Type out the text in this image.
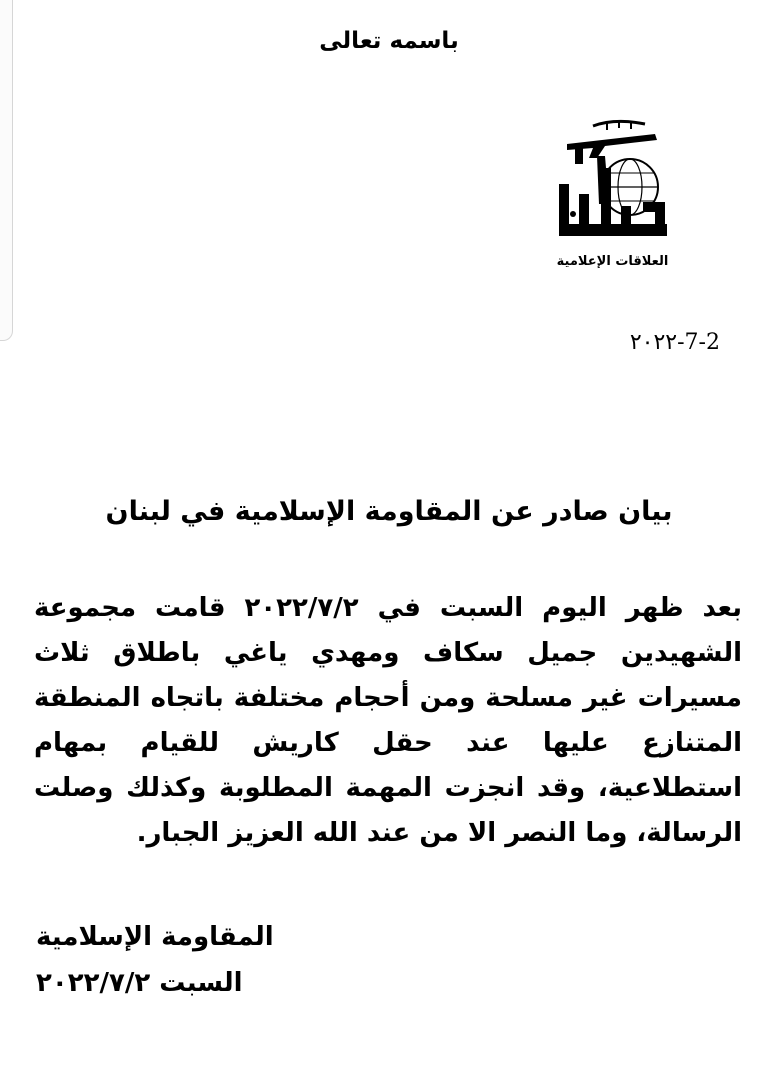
باسمه تعالى
العلاقات الإعلامية
٢٠٢٢-7-2
بيان صادر عن المقاومة الإسلامية في لبنان
بعد ظهر اليوم السبت في ٢٠٢٢/٧/٢ قامت مجموعة الشهيدين جميل سكاف ومهدي ياغي باطلاق ثلاث مسيرات غير مسلحة ومن أحجام مختلفة باتجاه المنطقة المتنازع عليها عند حقل كاريش للقيام بمهام استطلاعية، وقد انجزت المهمة المطلوبة وكذلك وصلت الرسالة، وما النصر الا من عند الله العزيز الجبار.
المقاومة الإسلامية
السبت ٢٠٢٢/٧/٢
